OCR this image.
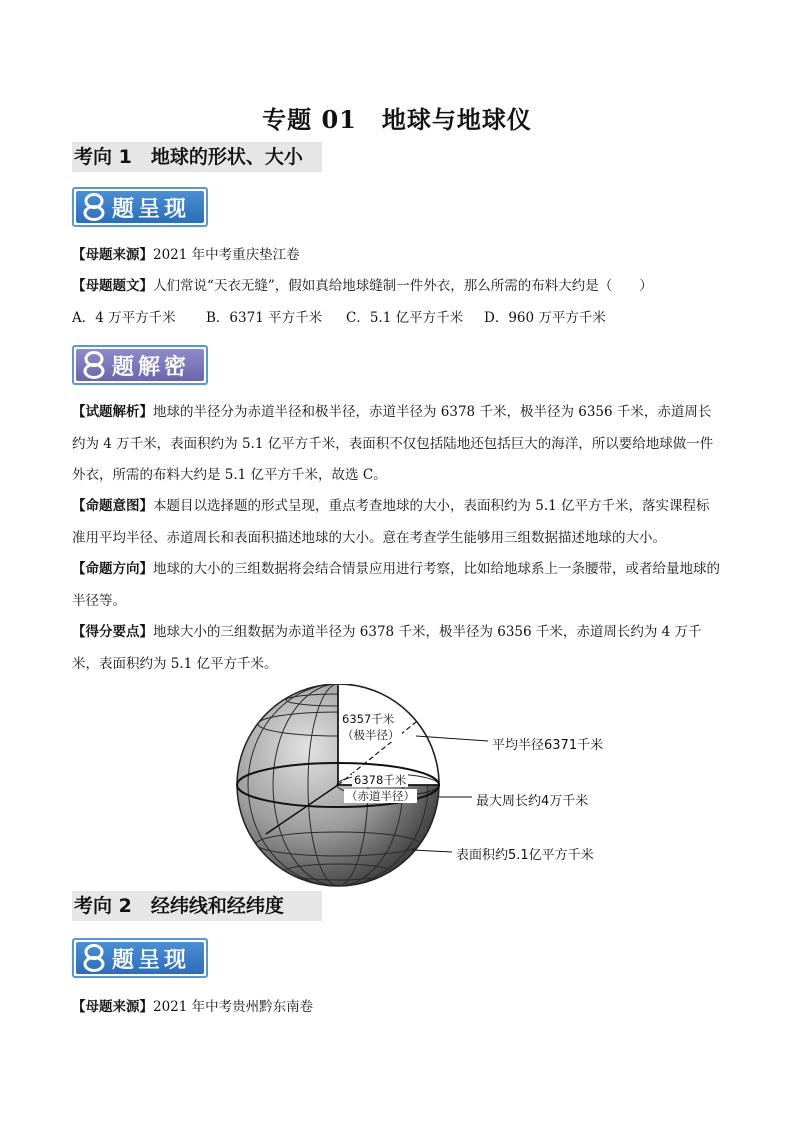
专题 01　地球与地球仪
考向 1　地球的形状、大小
题呈现
【母题来源】2021 年中考重庆垫江卷
【母题题文】人们常说“天衣无缝”，假如真给地球缝制一件外衣，那么所需的布料大约是（　　）
A．4 万平方千米 B．6371 平方千米 C．5.1 亿平方千米 D．960 万平方千米
题解密
【试题解析】地球的半径分为赤道半径和极半径，赤道半径为 6378 千米，极半径为 6356 千米，赤道周长约为 4 万千米，表面积约为 5.1 亿平方千米，表面积不仅包括陆地还包括巨大的海洋，所以要给地球做一件外衣，所需的布料大约是 5.1 亿平方千米，故选 C。
【命题意图】本题目以选择题的形式呈现，重点考查地球的大小，表面积约为 5.1 亿平方千米，落实课程标准用平均半径、赤道周长和表面积描述地球的大小。意在考查学生能够用三组数据描述地球的大小。
【命题方向】地球的大小的三组数据将会结合情景应用进行考察，比如给地球系上一条腰带，或者给量地球的半径等。
【得分要点】地球大小的三组数据为赤道半径为 6378 千米，极半径为 6356 千米，赤道周长约为 4 万千米，表面积约为 5.1 亿平方千米。
6357千米
（极半径）
6378千米
（赤道半径）
平均半径6371千米
最大周长约4万千米
表面积约5.1亿平方千米
考向 2　经纬线和经纬度
题呈现
【母题来源】2021 年中考贵州黔东南卷
